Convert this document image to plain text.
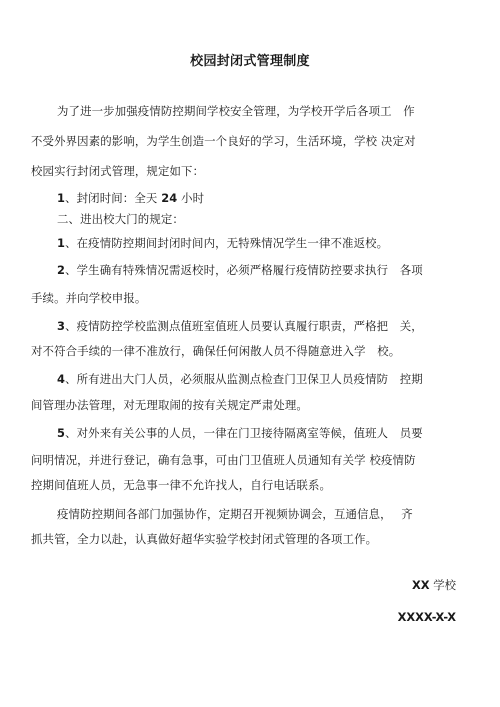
校园封闭式管理制度
为了进一步加强疫情防控期间学校安全管理，为学校开学后各项工　作
不受外界因素的影响，为学生创造一个良好的学习，生活环境，学校 决定对
校园实行封闭式管理，规定如下：
1、封闭时间：全天 24 小时
二、进出校大门的规定：
1、在疫情防控期间封闭时间内，无特殊情况学生一律不准返校。
2、学生确有特殊情况需返校时，必须严格履行疫情防控要求执行　各项
手续。并向学校申报。
3、疫情防控学校监测点值班室值班人员要认真履行职责，严格把　关，
对不符合手续的一律不准放行，确保任何闲散人员不得随意进入学　校。
4、所有进出大门人员，必须服从监测点检查门卫保卫人员疫情防　控期
间管理办法管理，对无理取闹的按有关规定严肃处理。
5、对外来有关公事的人员，一律在门卫接待隔离室等候，值班人　员要
问明情况，并进行登记，确有急事，可由门卫值班人员通知有关学 校疫情防
控期间值班人员，无急事一律不允许找人，自行电话联系。
疫情防控期间各部门加强协作，定期召开视频协调会，互通信息，　 齐
抓共管，全力以赴，认真做好超华实验学校封闭式管理的各项工作。
XX 学校
XXXX-X-X
